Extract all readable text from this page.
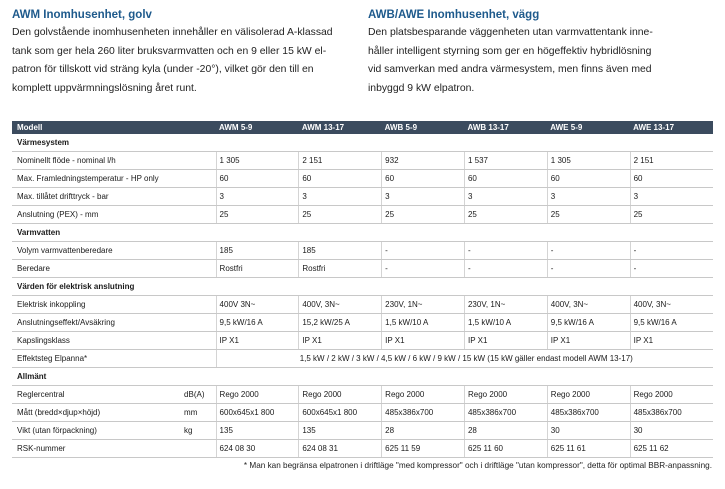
AWM Inomhusenhet, golv

Den golvstående inomhusenheten innehåller en välisolerad A-klassad
tank som ger hela 260 liter bruksvarmvatten och en 9 eller 15 kW el-
patron för tillskott vid sträng kyla (under -20°), vilket gör den till en
komplett uppvärmningslösning året runt.

AWB/AWE Inomhusenhet, vägg

Den platsbesparande väggenheten utan varmvattentank inne-
håller intelligent styrning som ger en högeffektiv hybridlösning
vid samverkan med andra värmesystem, men finns även med
inbyggd 9 kW elpatron.

Modell		AWM 5-9	AWM 13-17	AWB 5-9	AWB 13-17	AWE 5-9	AWE 13-17
Värmesystem							
Nominellt flöde - nominal l/h		1 305	2 151	932	1 537	1 305	2 151
Max. Framledningstemperatur - HP only		60	60	60	60	60	60
Max. tillåtet drifttryck - bar		3	3	3	3	3	3
Anslutning (PEX) - mm		25	25	25	25	25	25
Varmvatten							
Volym varmvattenberedare		185	185	-	-	-	-
Beredare		Rostfri	Rostfri	-	-	-	-
Värden för elektrisk anslutning							
Elektrisk inkoppling		400V 3N~	400V, 3N~	230V, 1N~	230V, 1N~	400V, 3N~	400V, 3N~
Anslutningseffekt/Avsäkring		9,5 kW/16 A	15,2 kW/25 A	1,5 kW/10 A	1,5 kW/10 A	9,5 kW/16 A	9,5 kW/16 A
Kapslingsklass		IP X1	IP X1	IP X1	IP X1	IP X1	IP X1
Effektsteg Elpanna*		1,5 kW / 2 kW / 3 kW / 4,5 kW / 6 kW / 9 kW / 15 kW (15 kW gäller endast modell AWM 13-17)					
Allmänt							
Reglercentral	dB(A)	Rego 2000	Rego 2000	Rego 2000	Rego 2000	Rego 2000	Rego 2000
Mått (bredd×djup×höjd)	mm	600x645x1 800	600x645x1 800	485x386x700	485x386x700	485x386x700	485x386x700
Vikt (utan förpackning)	kg	135	135	28	28	30	30
RSK-nummer		624 08 30	624 08 31	625 11 59	625 11 60	625 11 61	625 11 62
* Man kan begränsa elpatronen i driftläge "med kompressor" och i driftläge "utan kompressor", detta för optimal BBR-anpassning.
